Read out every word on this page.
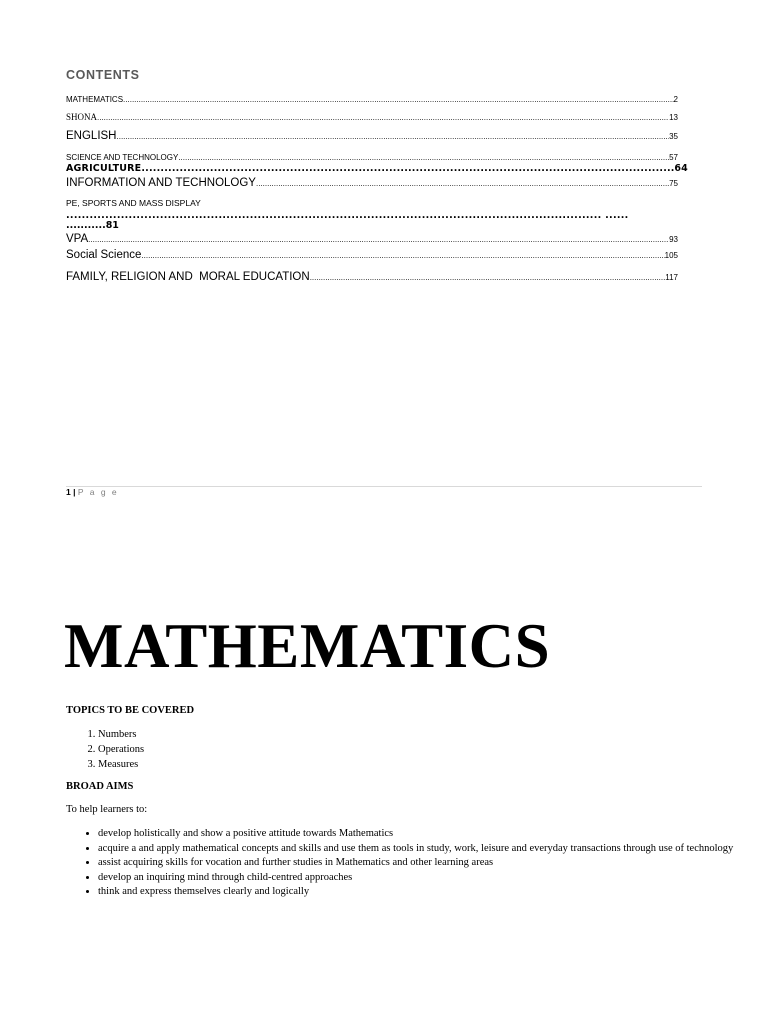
CONTENTS
MATHEMATICS .....	2
SHONA .....	13
ENGLISH .....	35
SCIENCE AND TECHNOLOGY .....	57
AGRICULTURE .....	64
INFORMATION AND TECHNOLOGY .....	75
PE, SPORTS AND MASS DISPLAY
......................................................................................................................................... ......
...........81
VPA .....	93
Social Science .....	105
FAMILY, RELIGION AND  MORAL EDUCATION .....	117
1 | P a g e
MATHEMATICS
TOPICS TO BE COVERED
1. Numbers
2. Operations
3. Measures
BROAD AIMS
To help learners to:
• develop holistically and show a positive attitude towards Mathematics
• acquire a and apply mathematical concepts and skills and use them as tools in study, work, leisure and everyday transactions through use of technology
• assist acquiring skills for vocation and further studies in Mathematics and other learning areas
• develop an inquiring mind through child-centred approaches
• think and express themselves clearly and logically
